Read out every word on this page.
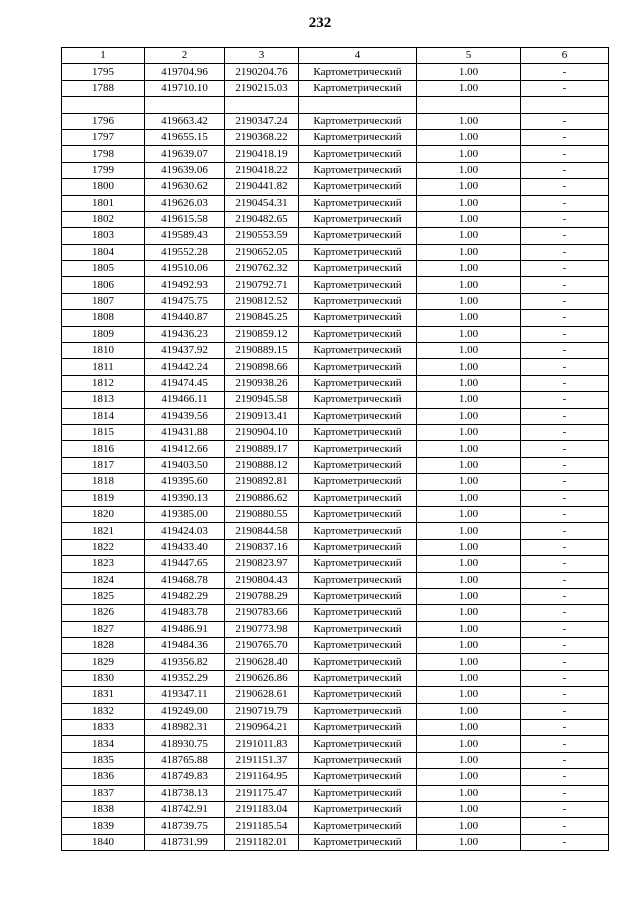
232
1	2	3	4	5	6
1795	419704.96	2190204.76	Картометрический	1.00	-
1788	419710.10	2190215.03	Картометрический	1.00	-

1796	419663.42	2190347.24	Картометрический	1.00	-
1797	419655.15	2190368.22	Картометрический	1.00	-
1798	419639.07	2190418.19	Картометрический	1.00	-
1799	419639.06	2190418.22	Картометрический	1.00	-
1800	419630.62	2190441.82	Картометрический	1.00	-
1801	419626.03	2190454.31	Картометрический	1.00	-
1802	419615.58	2190482.65	Картометрический	1.00	-
1803	419589.43	2190553.59	Картометрический	1.00	-
1804	419552.28	2190652.05	Картометрический	1.00	-
1805	419510.06	2190762.32	Картометрический	1.00	-
1806	419492.93	2190792.71	Картометрический	1.00	-
1807	419475.75	2190812.52	Картометрический	1.00	-
1808	419440.87	2190845.25	Картометрический	1.00	-
1809	419436.23	2190859.12	Картометрический	1.00	-
1810	419437.92	2190889.15	Картометрический	1.00	-
1811	419442.24	2190898.66	Картометрический	1.00	-
1812	419474.45	2190938.26	Картометрический	1.00	-
1813	419466.11	2190945.58	Картометрический	1.00	-
1814	419439.56	2190913.41	Картометрический	1.00	-
1815	419431.88	2190904.10	Картометрический	1.00	-
1816	419412.66	2190889.17	Картометрический	1.00	-
1817	419403.50	2190888.12	Картометрический	1.00	-
1818	419395.60	2190892.81	Картометрический	1.00	-
1819	419390.13	2190886.62	Картометрический	1.00	-
1820	419385.00	2190880.55	Картометрический	1.00	-
1821	419424.03	2190844.58	Картометрический	1.00	-
1822	419433.40	2190837.16	Картометрический	1.00	-
1823	419447.65	2190823.97	Картометрический	1.00	-
1824	419468.78	2190804.43	Картометрический	1.00	-
1825	419482.29	2190788.29	Картометрический	1.00	-
1826	419483.78	2190783.66	Картометрический	1.00	-
1827	419486.91	2190773.98	Картометрический	1.00	-
1828	419484.36	2190765.70	Картометрический	1.00	-
1829	419356.82	2190628.40	Картометрический	1.00	-
1830	419352.29	2190626.86	Картометрический	1.00	-
1831	419347.11	2190628.61	Картометрический	1.00	-
1832	419249.00	2190719.79	Картометрический	1.00	-
1833	418982.31	2190964.21	Картометрический	1.00	-
1834	418930.75	2191011.83	Картометрический	1.00	-
1835	418765.88	2191151.37	Картометрический	1.00	-
1836	418749.83	2191164.95	Картометрический	1.00	-
1837	418738.13	2191175.47	Картометрический	1.00	-
1838	418742.91	2191183.04	Картометрический	1.00	-
1839	418739.75	2191185.54	Картометрический	1.00	-
1840	418731.99	2191182.01	Картометрический	1.00	-
